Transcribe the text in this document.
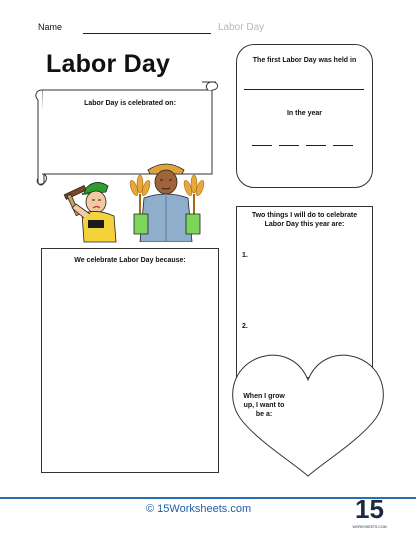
Name	Labor Day
Labor Day
Labor Day is celebrated on:
The first Labor Day was held in
In the year
We celebrate Labor Day because:
Two things I will do to celebrate
Labor Day this year are:
1.
2.
When I grow
up, I want to
be a:
© 15Worksheets.com	15
WORKSHEETS.COM
